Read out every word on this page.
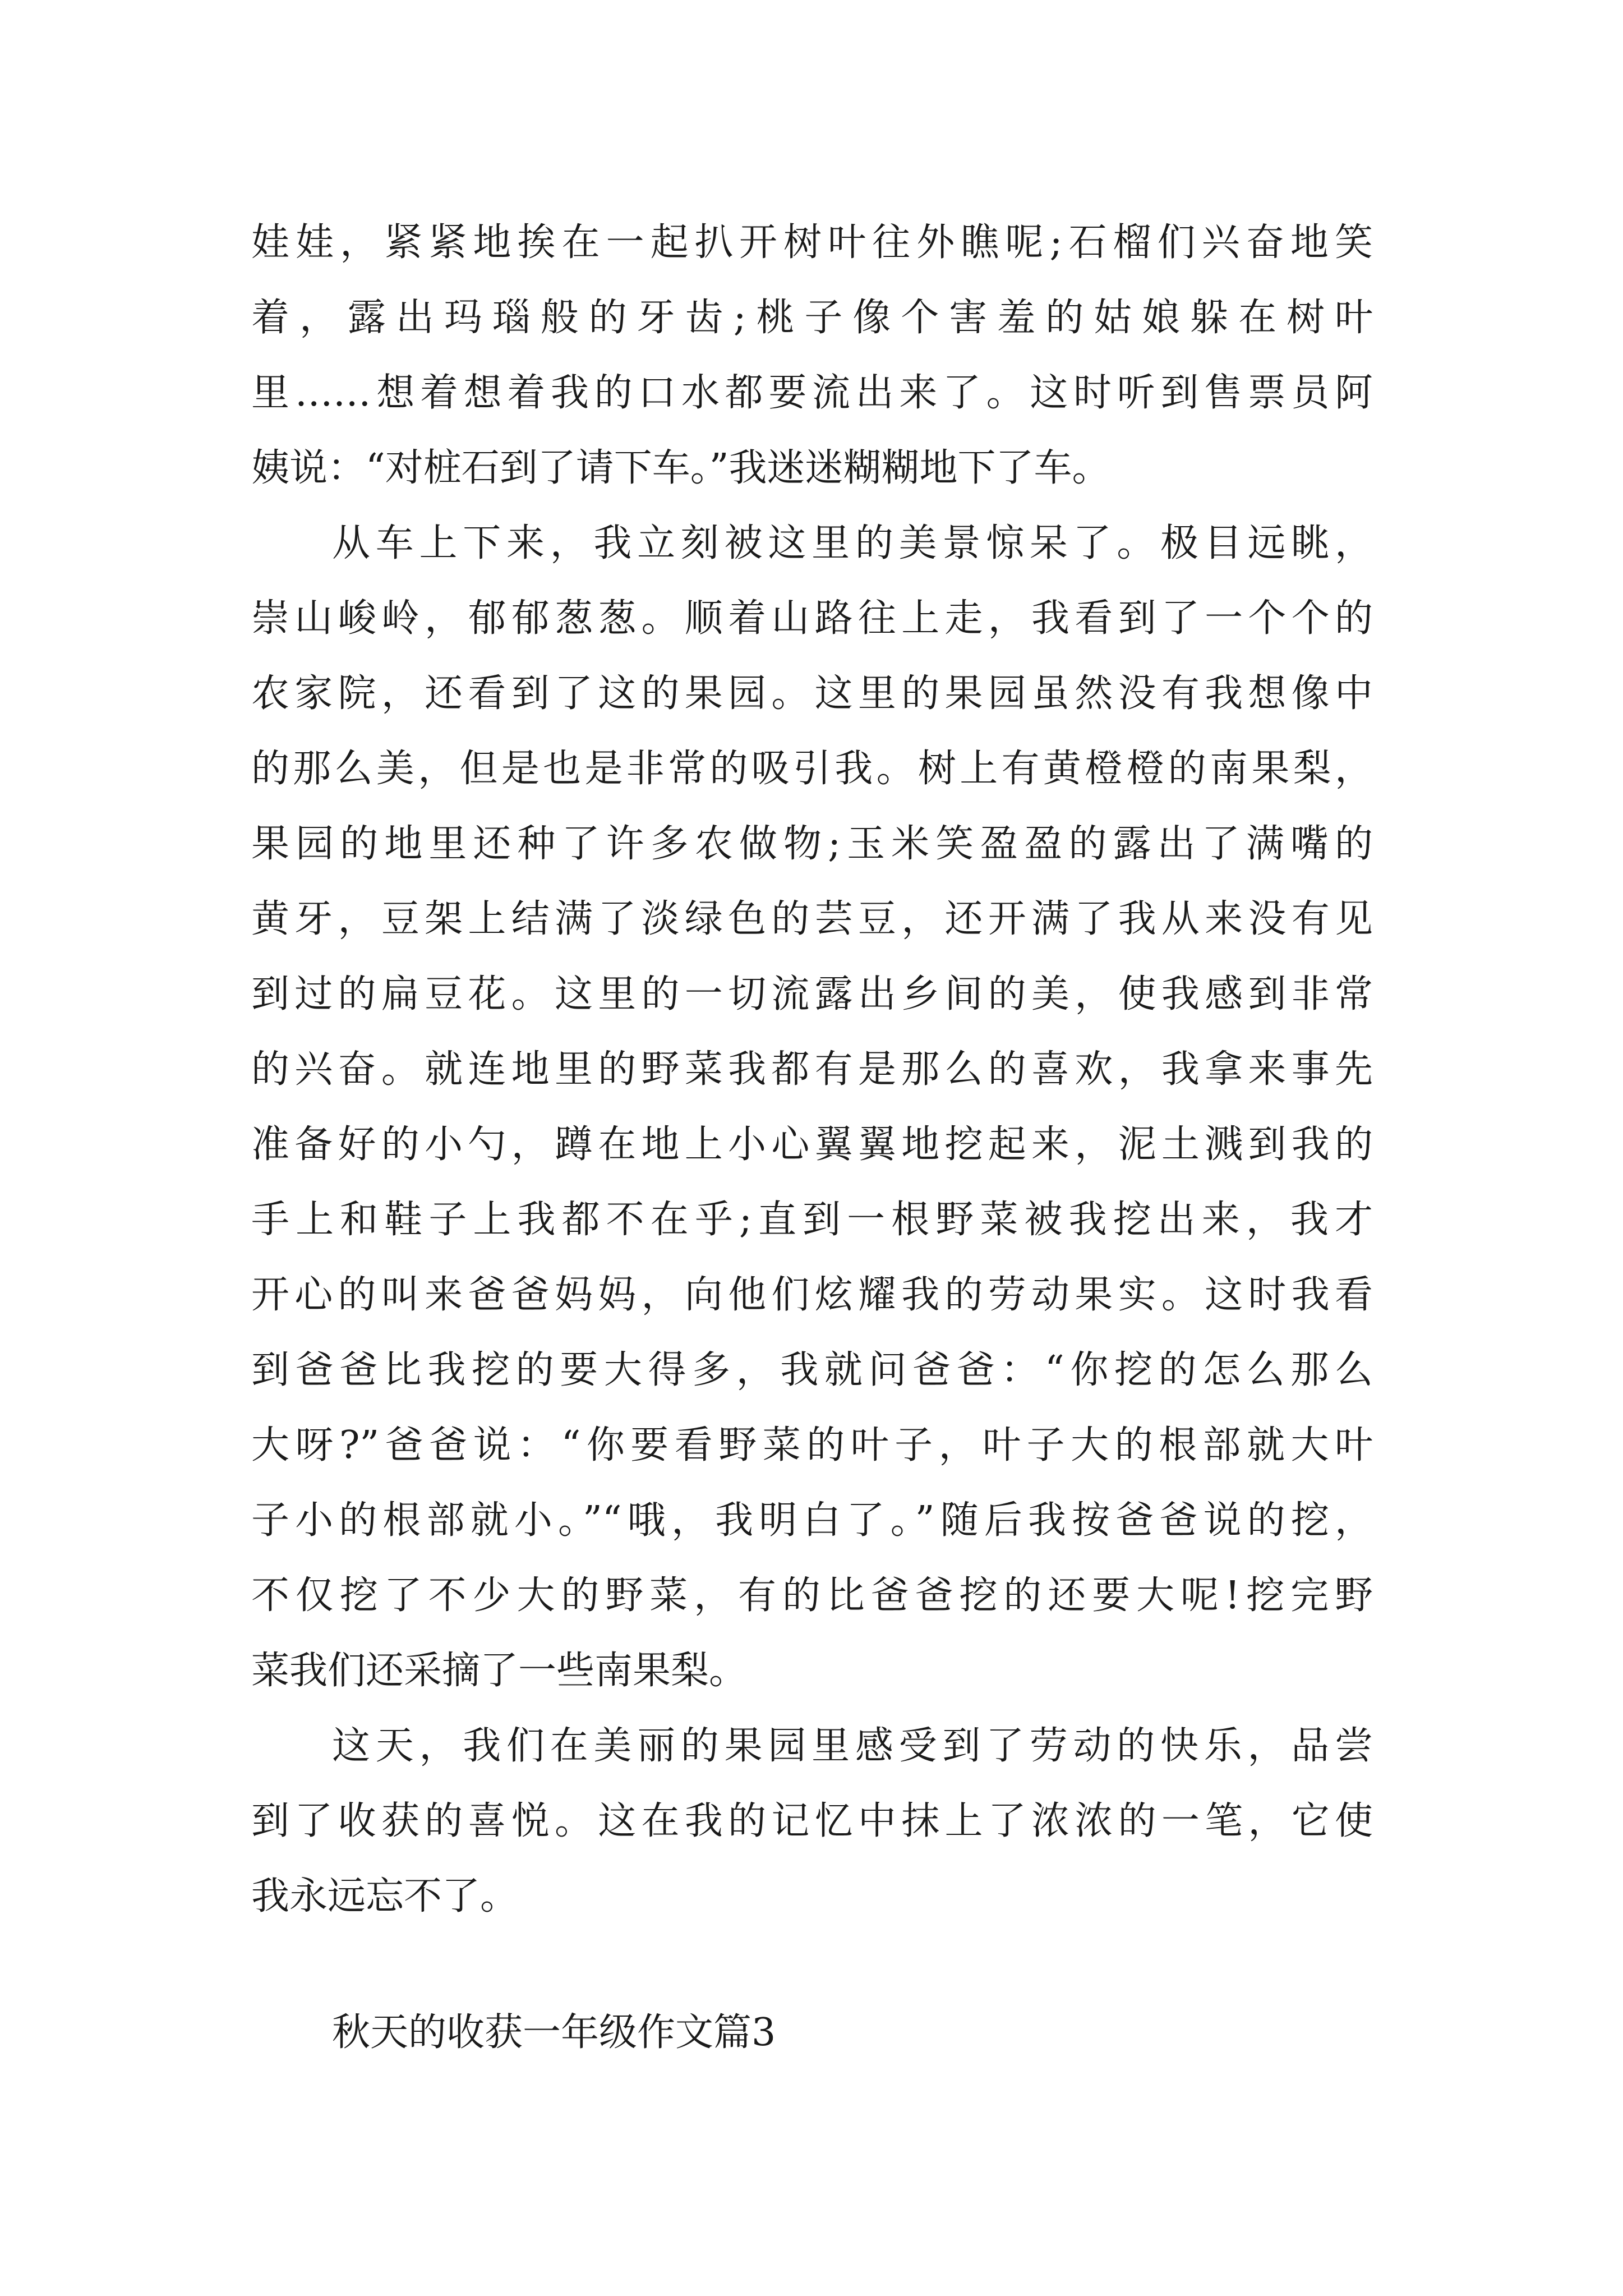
娃娃，紧紧地挨在一起扒开树叶往外瞧呢;石榴们兴奋地笑
着，露出玛瑙般的牙齿;桃子像个害羞的姑娘躲在树叶
里……想着想着我的口水都要流出来了。这时听到售票员阿
姨说：“对桩石到了请下车。”我迷迷糊糊地下了车。
从车上下来，我立刻被这里的美景惊呆了。极目远眺，
崇山峻岭，郁郁葱葱。顺着山路往上走，我看到了一个个的
农家院，还看到了这的果园。这里的果园虽然没有我想像中
的那么美，但是也是非常的吸引我。树上有黄橙橙的南果梨，
果园的地里还种了许多农做物;玉米笑盈盈的露出了满嘴的
黄牙，豆架上结满了淡绿色的芸豆，还开满了我从来没有见
到过的扁豆花。这里的一切流露出乡间的美，使我感到非常
的兴奋。就连地里的野菜我都有是那么的喜欢，我拿来事先
准备好的小勺，蹲在地上小心翼翼地挖起来，泥土溅到我的
手上和鞋子上我都不在乎;直到一根野菜被我挖出来，我才
开心的叫来爸爸妈妈，向他们炫耀我的劳动果实。这时我看
到爸爸比我挖的要大得多，我就问爸爸：“你挖的怎么那么
大呀?”爸爸说：“你要看野菜的叶子，叶子大的根部就大叶
子小的根部就小。”“哦，我明白了。”随后我按爸爸说的挖，
不仅挖了不少大的野菜，有的比爸爸挖的还要大呢!挖完野
菜我们还采摘了一些南果梨。
这天，我们在美丽的果园里感受到了劳动的快乐，品尝
到了收获的喜悦。这在我的记忆中抹上了浓浓的一笔，它使
我永远忘不了。
秋天的收获一年级作文篇3
